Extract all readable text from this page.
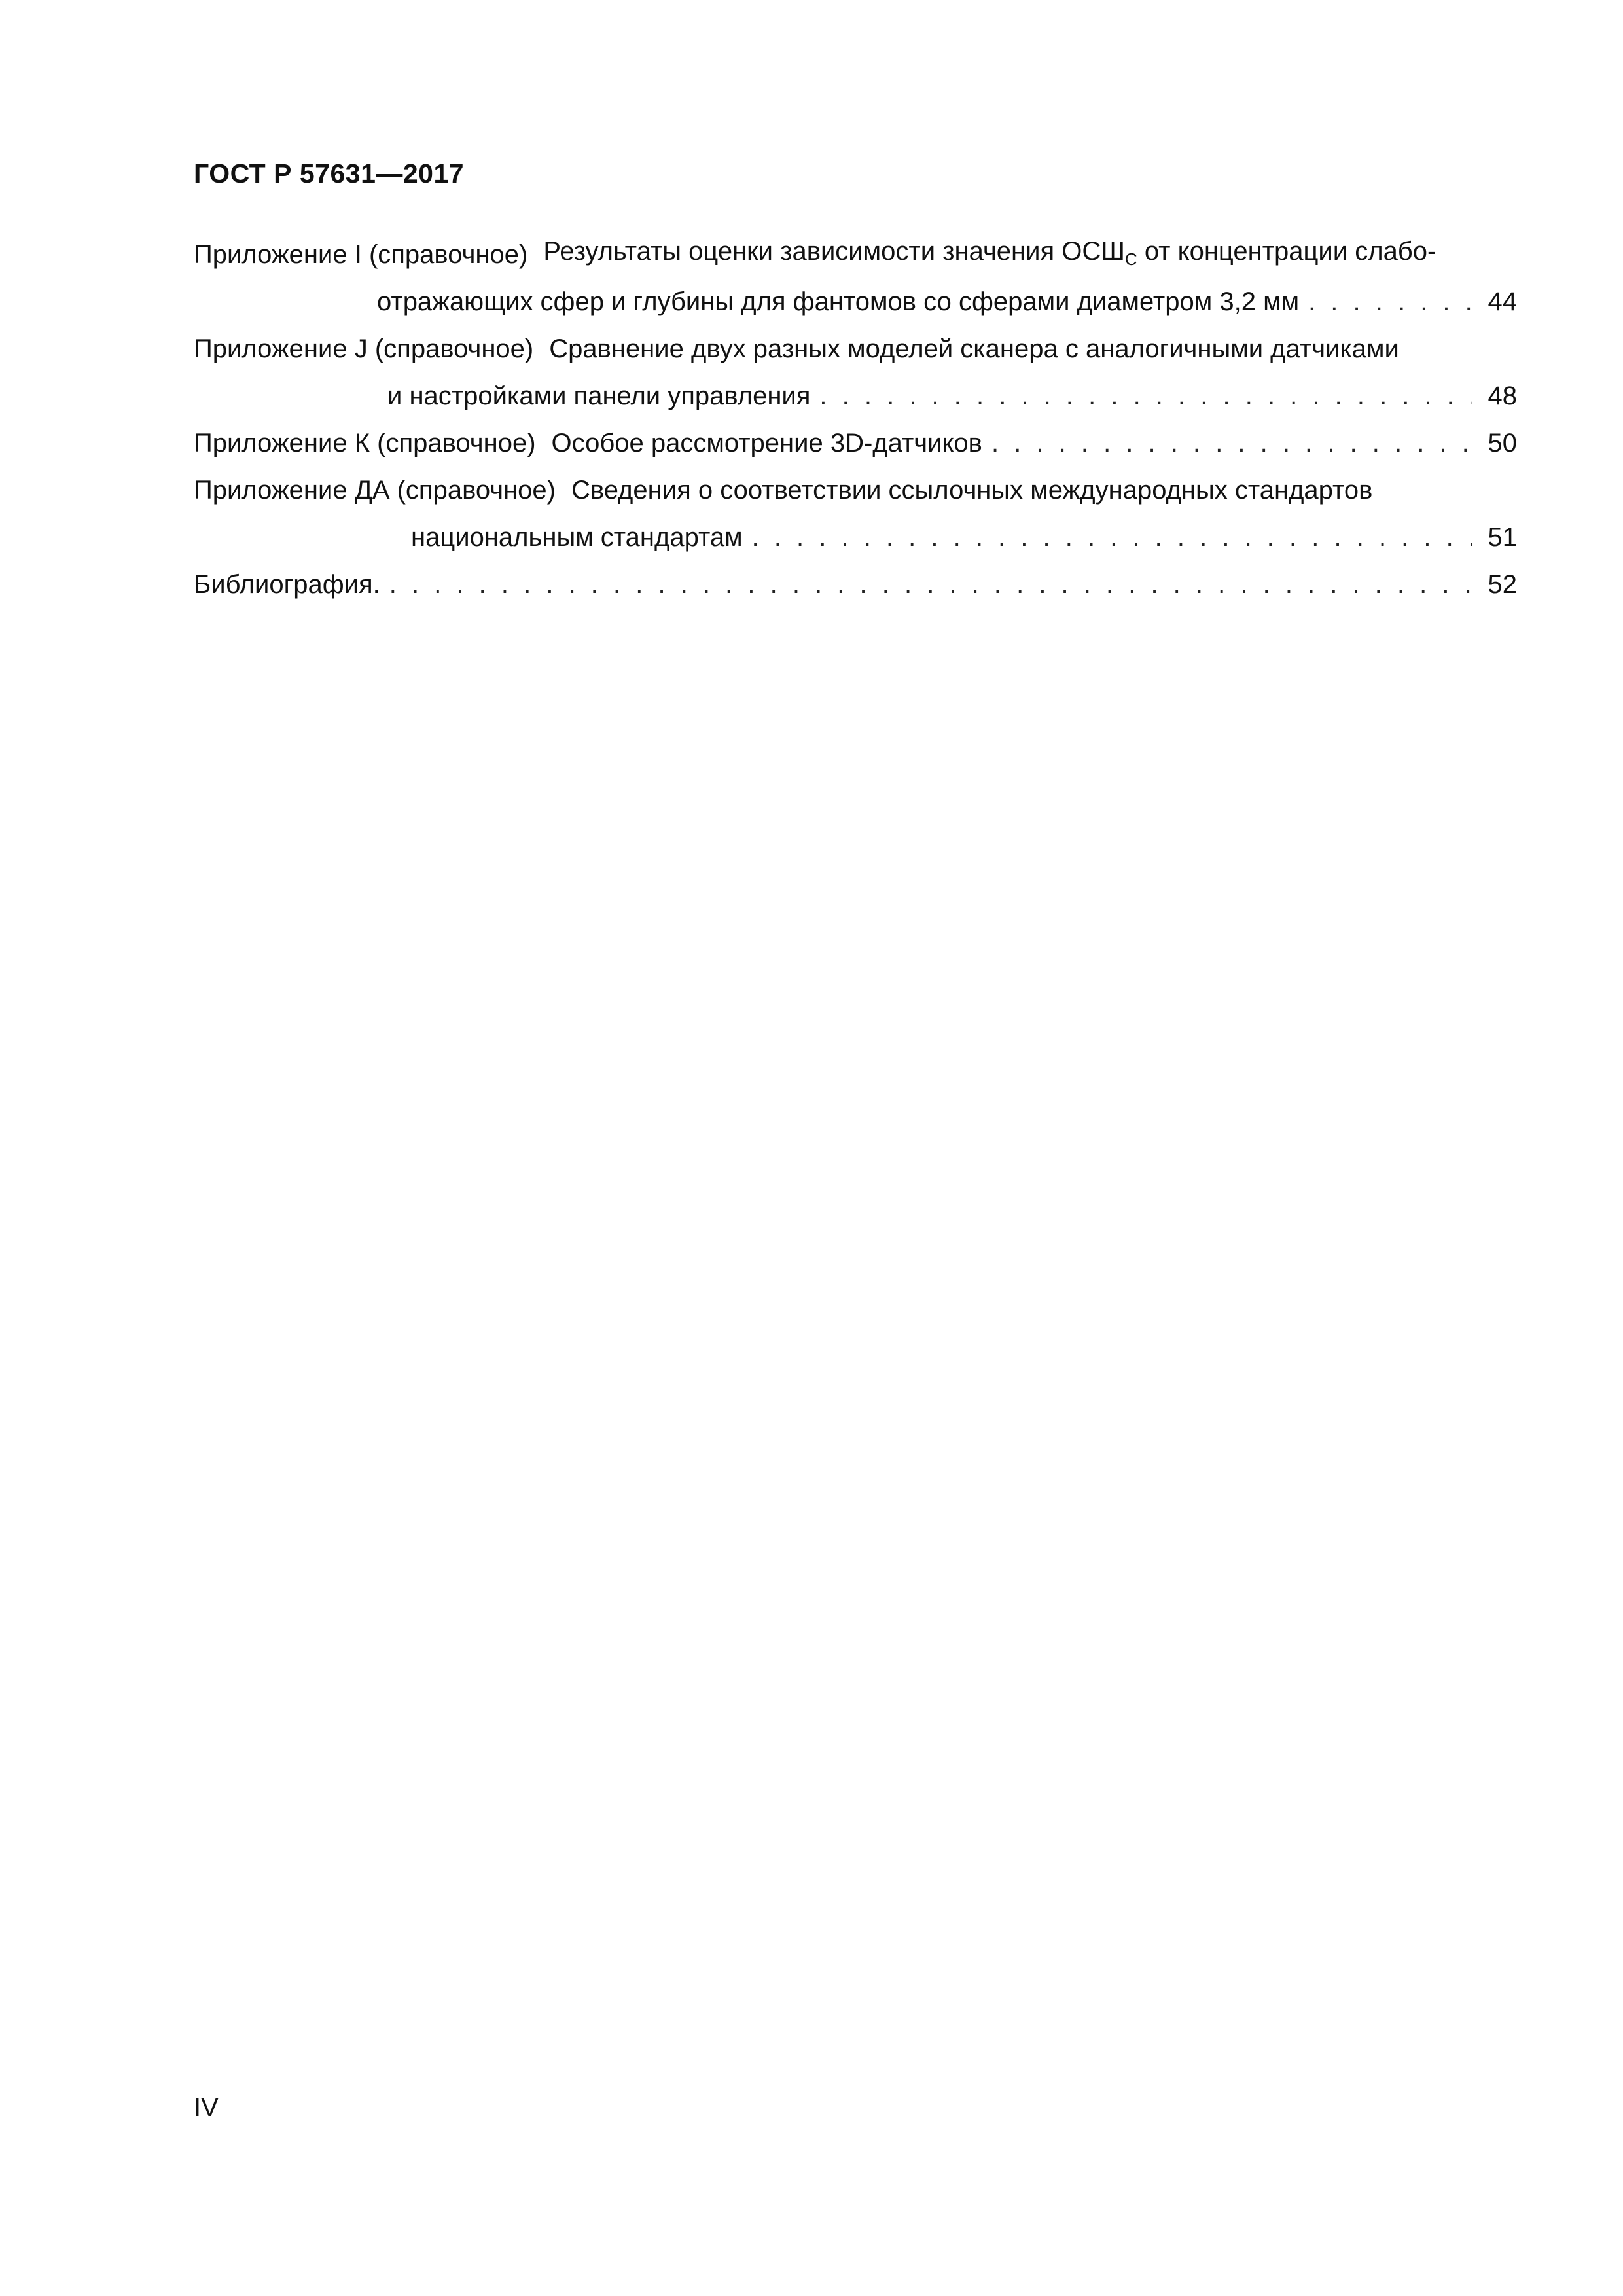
ГОСТ Р 57631—2017
Приложение I (справочное) Результаты оценки зависимости значения $ОСШ_C$ от концентрации слабо-
отражающих сфер и глубины для фантомов со сферами диаметром 3,2 мм . . .	44
Приложение J (справочное) Сравнение двух разных моделей сканера с аналогичными датчиками
и настройками панели управления . . .	48
Приложение К (справочное) Особое рассмотрение 3D-датчиков . . .	50
Приложение ДА (справочное) Сведения о соответствии ссылочных международных стандартов
национальным стандартам . . .	51
Библиография. . . .	52
IV
